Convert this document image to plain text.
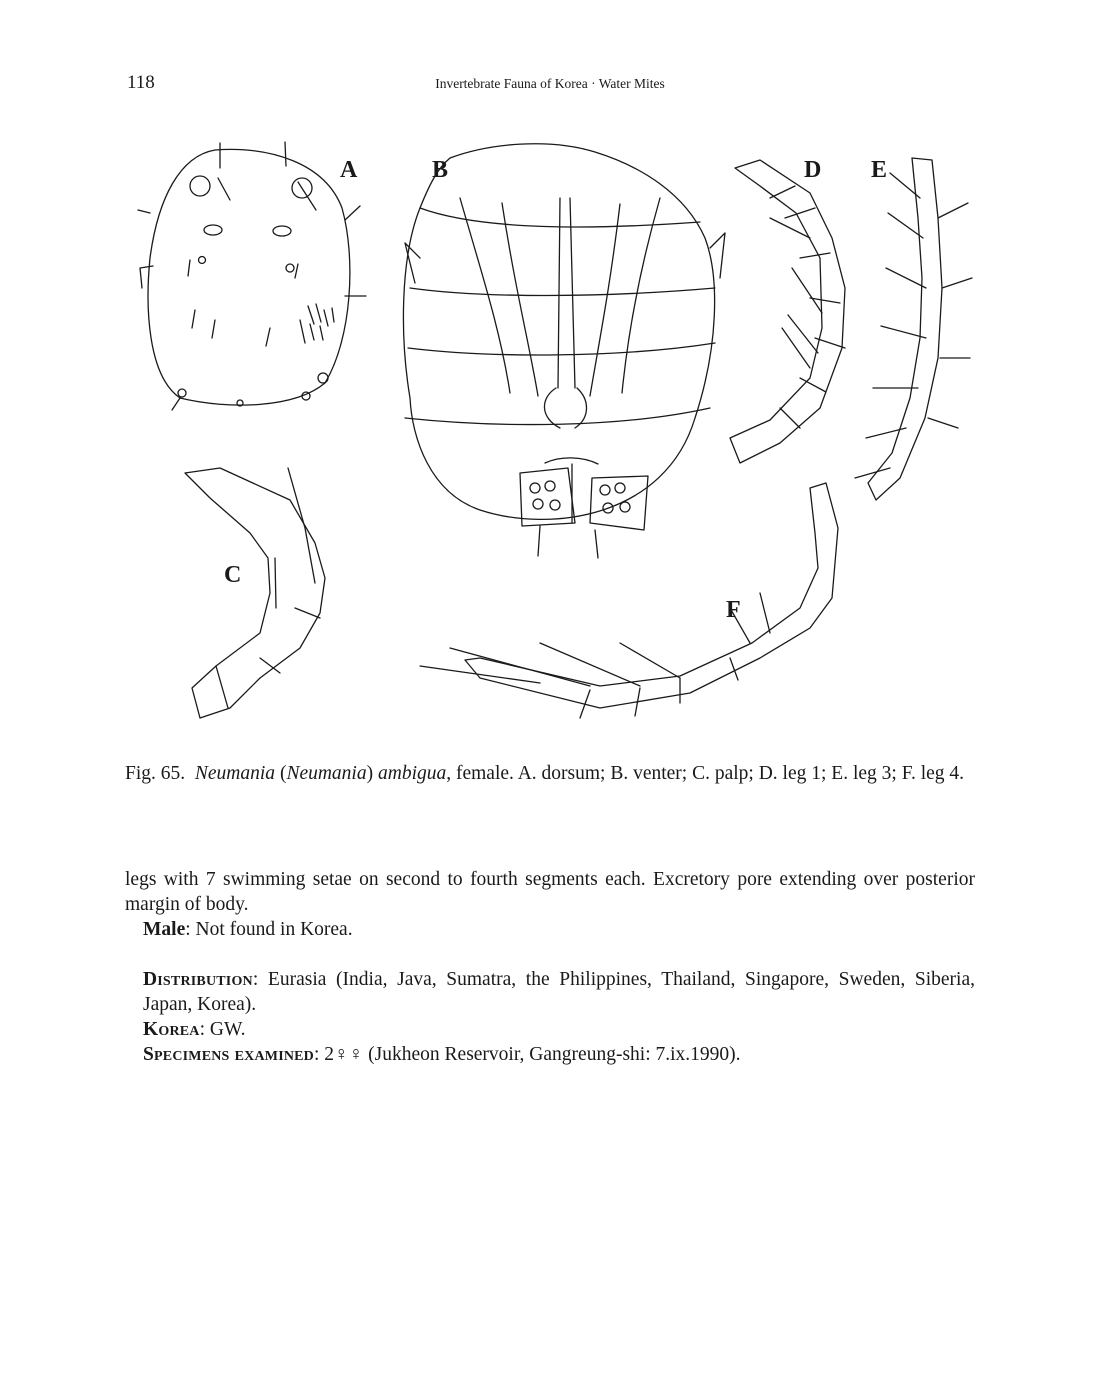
118	Invertebrate Fauna of Korea · Water Mites
A	B
C
D E
F
Fig. 65. Neumania (Neumania) ambigua, female. A. dorsum; B. venter; C. palp; D. leg 1; E. leg 3; F. leg 4.

legs with 7 swimming setae on second to fourth segments each. Excretory pore extending over posterior margin of body.

Male: Not found in Korea.

Distribution: Eurasia (India, Java, Sumatra, the Philippines, Thailand, Singapore, Sweden, Siberia, Japan, Korea).

Korea: GW.

Specimens examined: 2♀♀ (Jukheon Reservoir, Gangreung-shi: 7.ix.1990).
